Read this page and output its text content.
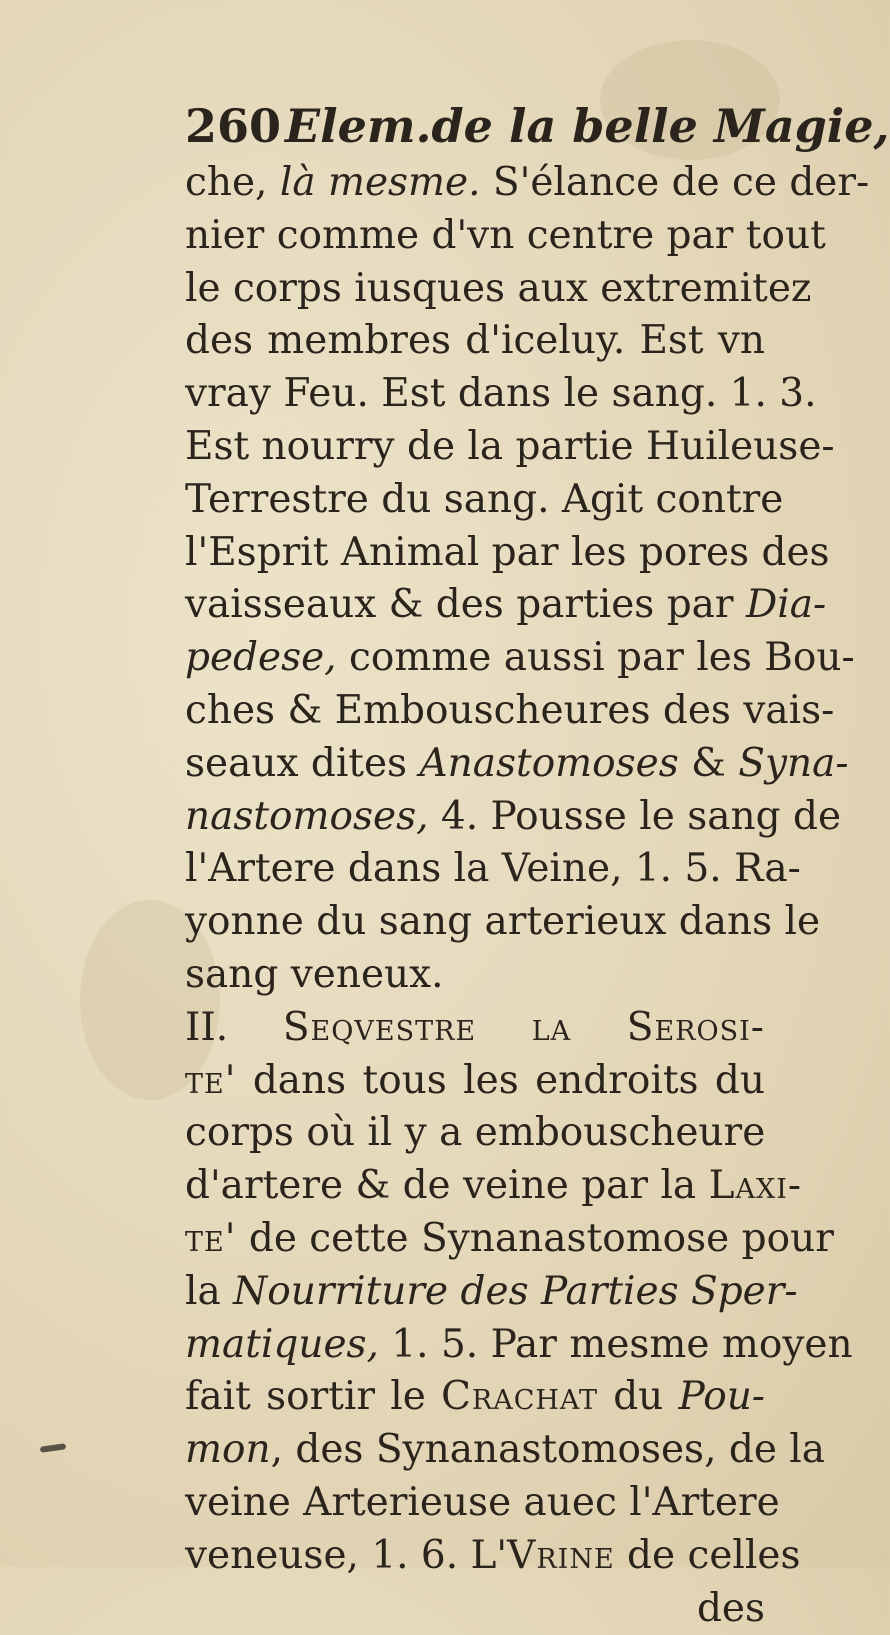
260Elem.de la belle Magie,
che, là mesme. S'élance de ce der-
nier comme d'vn centre par tout
le corps iusques aux extremitez
des membres d'iceluy. Est vn
vray Feu. Est dans le sang. 1. 3.
Est nourry de la partie Huileuse-
Terrestre du sang. Agit contre
l'Esprit Animal par les pores des
vaisseaux & des parties par Dia-
pedese, comme aussi par les Bou-
ches & Embouscheures des vais-
seaux dites Anastomoses & Syna-
nastomoses, 4. Pousse le sang de
l'Artere dans la Veine, 1. 5. Ra-
yonne du sang arterieux dans le
sang veneux.
II. Seqvestre la Serosi-
te' dans tous les endroits du
corps où il y a embouscheure
d'artere & de veine par la Laxi-
te' de cette Synanastomose pour
la Nourriture des Parties Sper-
matiques, 1. 5. Par mesme moyen
fait sortir le Crachat du Pou-
mon, des Synanastomoses, de la
veine Arterieuse auec l'Artere
veneuse, 1. 6. L'Vrine de celles
des
